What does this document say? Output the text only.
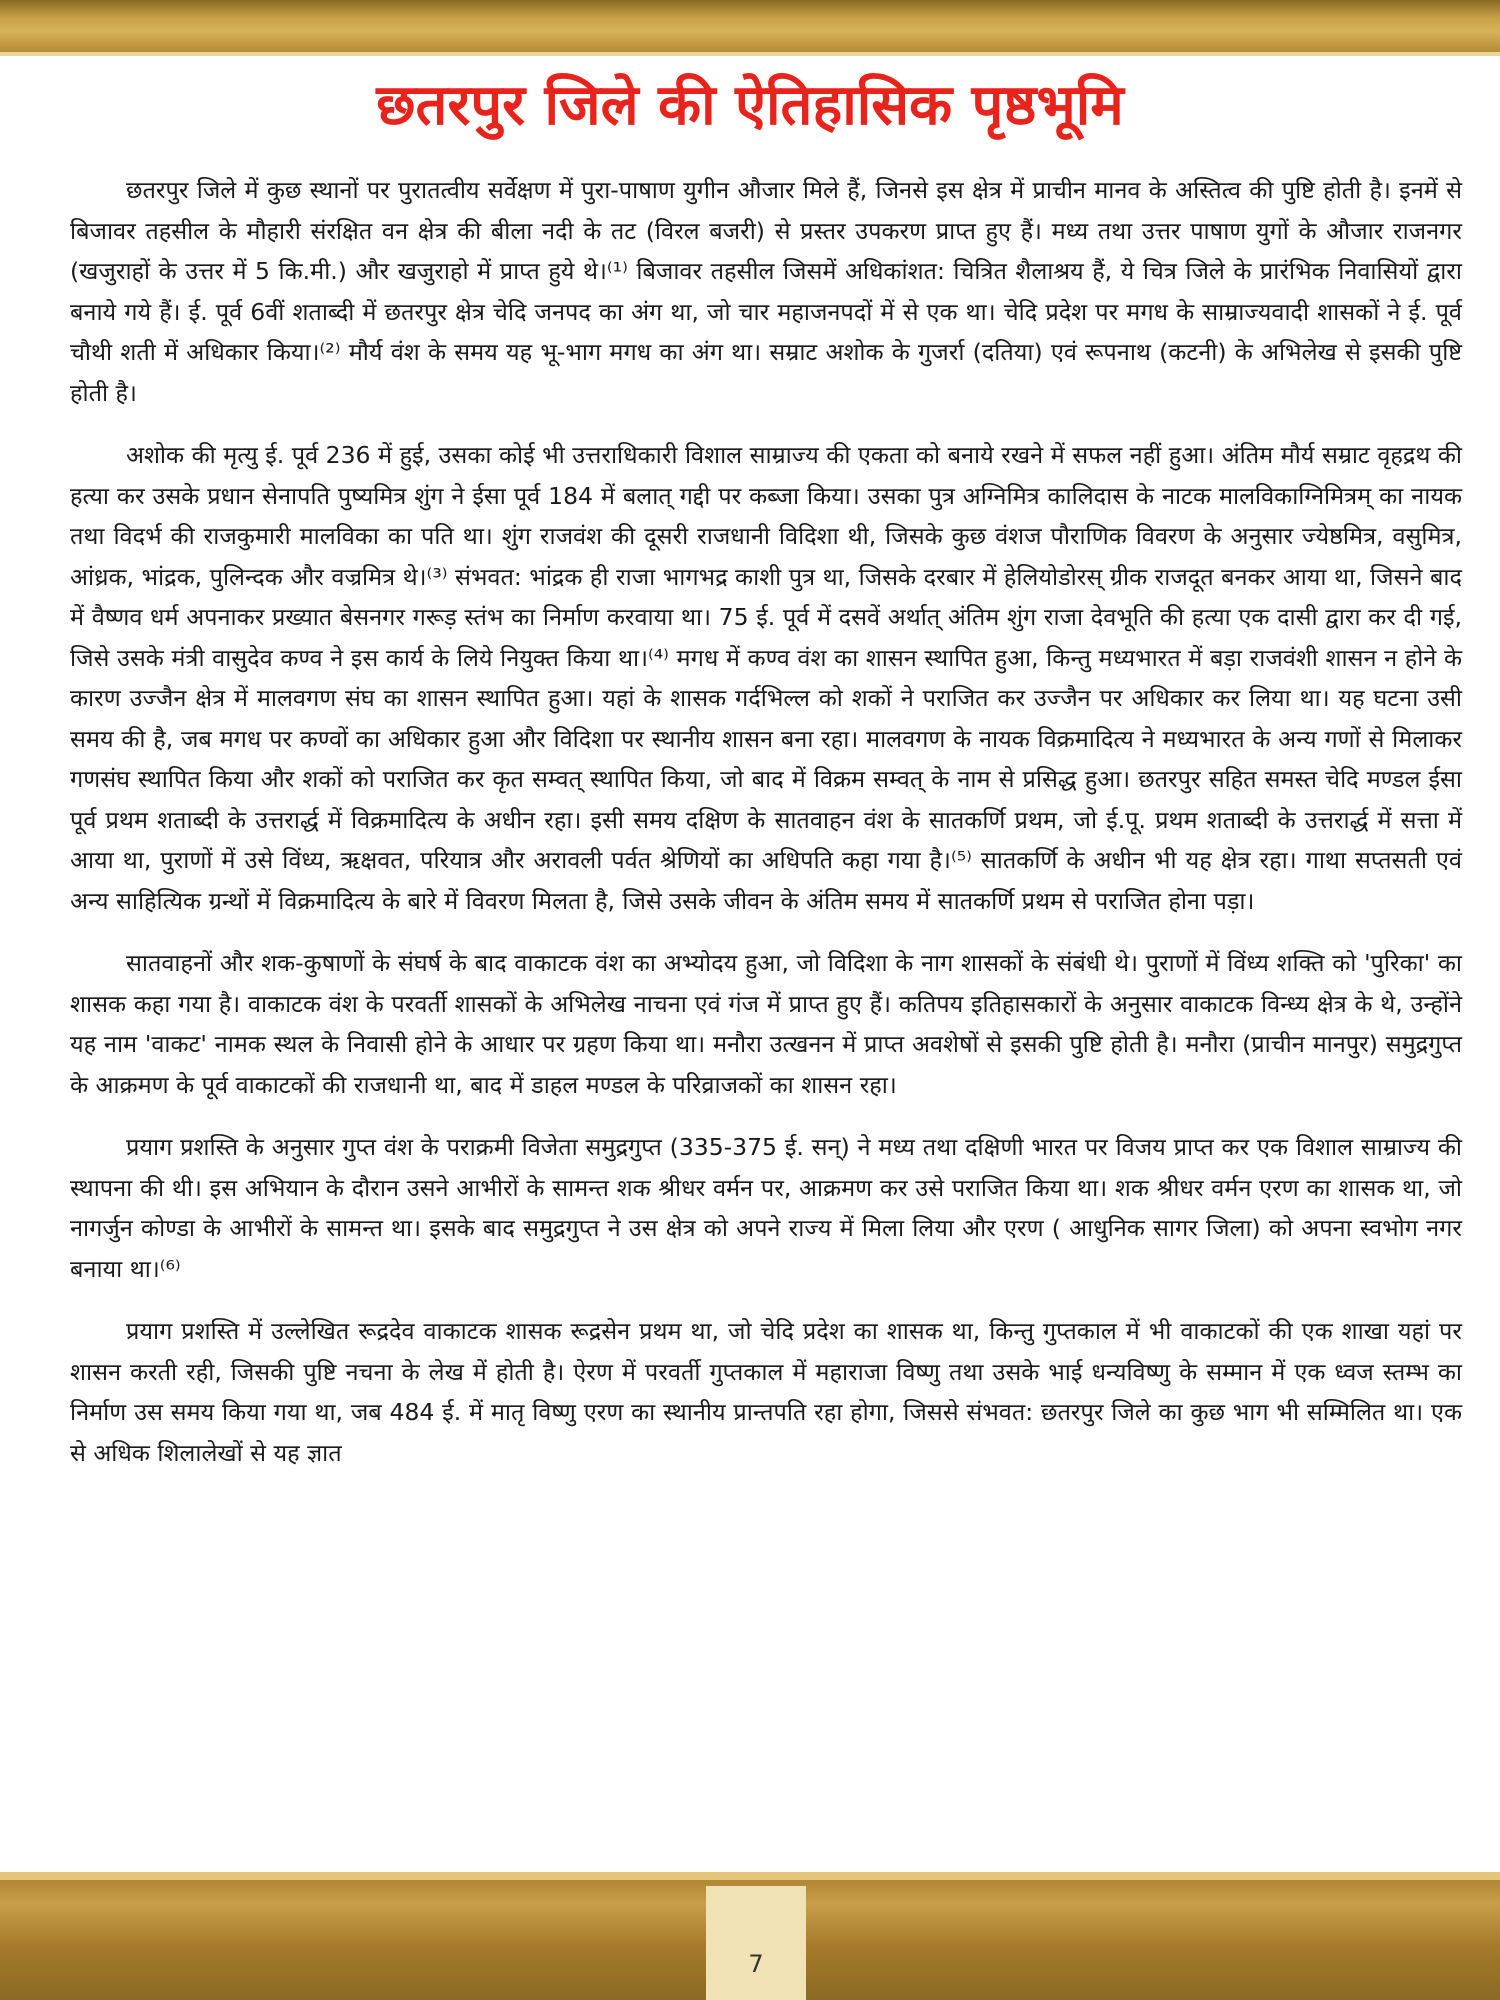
छतरपुर जिले की ऐतिहासिक पृष्ठभूमि

छतरपुर जिले में कुछ स्थानों पर पुरातत्वीय सर्वेक्षण में पुरा-पाषाण युगीन औजार मिले हैं, जिनसे इस क्षेत्र में प्राचीन मानव के अस्तित्व की पुष्टि होती है। इनमें से बिजावर तहसील के मौहारी संरक्षित वन क्षेत्र की बीला नदी के तट (विरल बजरी) से प्रस्तर उपकरण प्राप्त हुए हैं। मध्य तथा उत्तर पाषाण युगों के औजार राजनगर (खजुराहों के उत्तर में 5 कि.मी.) और खजुराहो में प्राप्त हुये थे।⁽¹⁾ बिजावर तहसील जिसमें अधिकांशत: चित्रित शैलाश्रय हैं, ये चित्र जिले के प्रारंभिक निवासियों द्वारा बनाये गये हैं। ई. पूर्व 6वीं शताब्दी में छतरपुर क्षेत्र चेदि जनपद का अंग था, जो चार महाजनपदों में से एक था। चेदि प्रदेश पर मगध के साम्राज्यवादी शासकों ने ई. पूर्व चौथी शती में अधिकार किया।⁽²⁾ मौर्य वंश के समय यह भू-भाग मगध का अंग था। सम्राट अशोक के गुजर्रा (दतिया) एवं रूपनाथ (कटनी) के अभिलेख से इसकी पुष्टि होती है।

अशोक की मृत्यु ई. पूर्व 236 में हुई, उसका कोई भी उत्तराधिकारी विशाल साम्राज्य की एकता को बनाये रखने में सफल नहीं हुआ। अंतिम मौर्य सम्राट वृहद्रथ की हत्या कर उसके प्रधान सेनापति पुष्यमित्र शुंग ने ईसा पूर्व 184 में बलात् गद्दी पर कब्जा किया। उसका पुत्र अग्निमित्र कालिदास के नाटक मालविकाग्निमित्रम् का नायक तथा विदर्भ की राजकुमारी मालविका का पति था। शुंग राजवंश की दूसरी राजधानी विदिशा थी, जिसके कुछ वंशज पौराणिक विवरण के अनुसार ज्येष्ठमित्र, वसुमित्र, आंध्रक, भांद्रक, पुलिन्दक और वज्रमित्र थे।⁽³⁾ संभवत: भांद्रक ही राजा भागभद्र काशी पुत्र था, जिसके दरबार में हेलियोडोरस् ग्रीक राजदूत बनकर आया था, जिसने बाद में वैष्णव धर्म अपनाकर प्रख्यात बेसनगर गरूड़ स्तंभ का निर्माण करवाया था। 75 ई. पूर्व में दसवें अर्थात् अंतिम शुंग राजा देवभूति की हत्या एक दासी द्वारा कर दी गई, जिसे उसके मंत्री वासुदेव कण्व ने इस कार्य के लिये नियुक्त किया था।⁽⁴⁾ मगध में कण्व वंश का शासन स्थापित हुआ, किन्तु मध्यभारत में बड़ा राजवंशी शासन न होने के कारण उज्जैन क्षेत्र में मालवगण संघ का शासन स्थापित हुआ। यहां के शासक गर्दभिल्ल को शकों ने पराजित कर उज्जैन पर अधिकार कर लिया था। यह घटना उसी समय की है, जब मगध पर कण्वों का अधिकार हुआ और विदिशा पर स्थानीय शासन बना रहा। मालवगण के नायक विक्रमादित्य ने मध्यभारत के अन्य गणों से मिलाकर गणसंघ स्थापित किया और शकों को पराजित कर कृत सम्वत् स्थापित किया, जो बाद में विक्रम सम्वत् के नाम से प्रसिद्ध हुआ। छतरपुर सहित समस्त चेदि मण्डल ईसा पूर्व प्रथम शताब्दी के उत्तरार्द्ध में विक्रमादित्य के अधीन रहा। इसी समय दक्षिण के सातवाहन वंश के सातकर्णि प्रथम, जो ई.पू. प्रथम शताब्दी के उत्तरार्द्ध में सत्ता में आया था, पुराणों में उसे विंध्य, ऋक्षवत, परियात्र और अरावली पर्वत श्रेणियों का अधिपति कहा गया है।⁽⁵⁾ सातकर्णि के अधीन भी यह क्षेत्र रहा। गाथा सप्तसती एवं अन्य साहित्यिक ग्रन्थों में विक्रमादित्य के बारे में विवरण मिलता है, जिसे उसके जीवन के अंतिम समय में सातकर्णि प्रथम से पराजित होना पड़ा।

सातवाहनों और शक-कुषाणों के संघर्ष के बाद वाकाटक वंश का अभ्योदय हुआ, जो विदिशा के नाग शासकों के संबंधी थे। पुराणों में विंध्य शक्ति को 'पुरिका' का शासक कहा गया है। वाकाटक वंश के परवर्ती शासकों के अभिलेख नाचना एवं गंज में प्राप्त हुए हैं। कतिपय इतिहासकारों के अनुसार वाकाटक विन्ध्य क्षेत्र के थे, उन्होंने यह नाम 'वाकट' नामक स्थल के निवासी होने के आधार पर ग्रहण किया था। मनौरा उत्खनन में प्राप्त अवशेषों से इसकी पुष्टि होती है। मनौरा (प्राचीन मानपुर) समुद्रगुप्त के आक्रमण के पूर्व वाकाटकों की राजधानी था, बाद में डाहल मण्डल के परिव्राजकों का शासन रहा।

प्रयाग प्रशस्ति के अनुसार गुप्त वंश के पराक्रमी विजेता समुद्रगुप्त (335-375 ई. सन्) ने मध्य तथा दक्षिणी भारत पर विजय प्राप्त कर एक विशाल साम्राज्य की स्थापना की थी। इस अभियान के दौरान उसने आभीरों के सामन्त शक श्रीधर वर्मन पर, आक्रमण कर उसे पराजित किया था। शक श्रीधर वर्मन एरण का शासक था, जो नागर्जुन कोण्डा के आभीरों के सामन्त था। इसके बाद समुद्रगुप्त ने उस क्षेत्र को अपने राज्य में मिला लिया और एरण ( आधुनिक सागर जिला) को अपना स्वभोग नगर बनाया था।⁽⁶⁾

प्रयाग प्रशस्ति में उल्लेखित रूद्रदेव वाकाटक शासक रूद्रसेन प्रथम था, जो चेदि प्रदेश का शासक था, किन्तु गुप्तकाल में भी वाकाटकों की एक शाखा यहां पर शासन करती रही, जिसकी पुष्टि नचना के लेख में होती है। ऐरण में परवर्ती गुप्तकाल में महाराजा विष्णु तथा उसके भाई धन्यविष्णु के सम्मान में एक ध्वज स्तम्भ का निर्माण उस समय किया गया था, जब 484 ई. में मातृ विष्णु एरण का स्थानीय प्रान्तपति रहा होगा, जिससे संभवत: छतरपुर जिले का कुछ भाग भी सम्मिलित था। एक से अधिक शिलालेखों से यह ज्ञात

7
